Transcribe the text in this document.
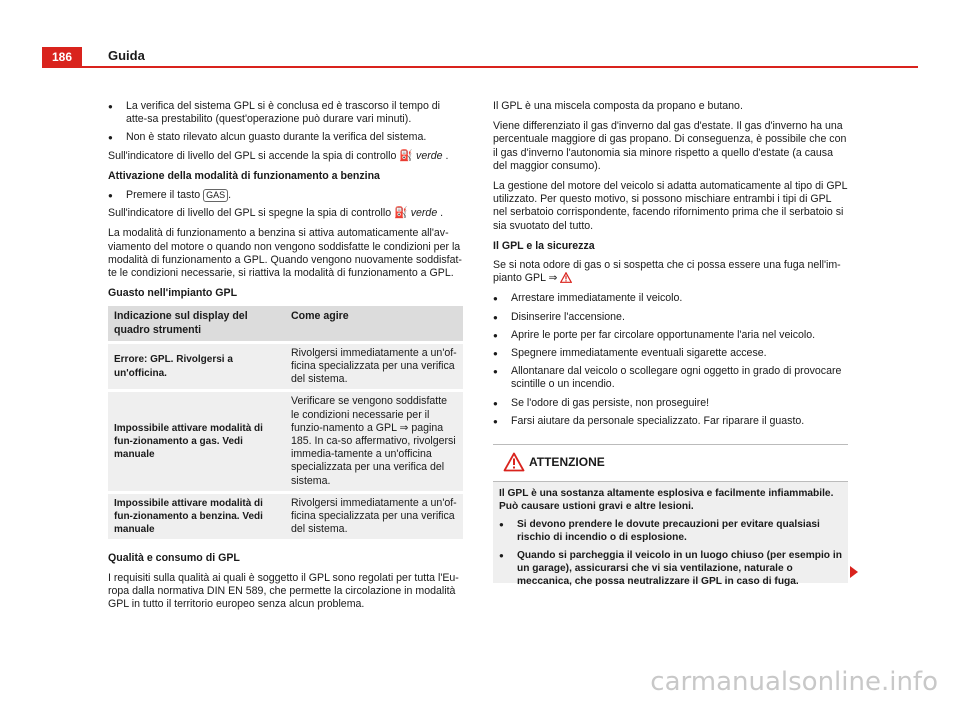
186	Guida
● La verifica del sistema GPL si è conclusa ed è trascorso il tempo di atte-sa prestabilito (quest'operazione può durare vari minuti).
● Non è stato rilevato alcun guasto durante la verifica del sistema.

Sull'indicatore di livello del GPL si accende la spia di controllo ⛽ verde .

Attivazione della modalità di funzionamento a benzina
● Premere il tasto GAS .

Sull'indicatore di livello del GPL si spegne la spia di controllo ⛽ verde .

La modalità di funzionamento a benzina si attiva automaticamente all'av-viamento del motore o quando non vengono soddisfatte le condizioni per la modalità di funzionamento a GPL. Quando vengono nuovamente soddisfat-te le condizioni necessarie, si riattiva la modalità di funzionamento a GPL.

Guasto nell'impianto GPL
Indicazione sul display del quadro strumenti	Come agire
Errore: GPL. Rivolgersi a un'officina.	Rivolgersi immediatamente a un'of-ficina specializzata per una verifica del sistema.
Impossibile attivare modalità di fun-zionamento a gas. Vedi manuale	Verificare se vengono soddisfatte le condizioni necessarie per il funzio-namento a GPL ⇒ pagina 185. In ca-so affermativo, rivolgersi immedia-tamente a un'officina specializzata per una verifica del sistema.
Impossibile attivare modalità di fun-zionamento a benzina. Vedi manuale	Rivolgersi immediatamente a un'of-ficina specializzata per una verifica del sistema.
Qualità e consumo di GPL

I requisiti sulla qualità ai quali è soggetto il GPL sono regolati per tutta l'Eu-ropa dalla normativa DIN EN 589, che permette la circolazione in modalità GPL in tutto il territorio europeo senza alcun problema.

Il GPL è una miscela composta da propano e butano.

Viene differenziato il gas d'inverno dal gas d'estate. Il gas d'inverno ha una percentuale maggiore di gas propano. Di conseguenza, è possibile che con il gas d'inverno l'autonomia sia minore rispetto a quello d'estate (a causa del maggior consumo).

La gestione del motore del veicolo si adatta automaticamente al tipo di GPL utilizzato. Per questo motivo, si possono mischiare entrambi i tipi di GPL nel serbatoio corrispondente, facendo rifornimento prima che il serbatoio si sia svuotato del tutto.

Il GPL e la sicurezza

Se si nota odore di gas o si sospetta che ci possa essere una fuga nell'im-pianto GPL ⇒

● Arrestare immediatamente il veicolo.
● Disinserire l'accensione.
● Aprire le porte per far circolare opportunamente l'aria nel veicolo.
● Spegnere immediatamente eventuali sigarette accese.
● Allontanare dal veicolo o scollegare ogni oggetto in grado di provocare scintille o un incendio.
● Se l'odore di gas persiste, non proseguire!
● Farsi aiutare da personale specializzato. Far riparare il guasto.
ATTENZIONE

Il GPL è una sostanza altamente esplosiva e facilmente infiammabile. Può causare ustioni gravi e altre lesioni.

● Si devono prendere le dovute precauzioni per evitare qualsiasi rischio di incendio o di esplosione.
● Quando si parcheggia il veicolo in un luogo chiuso (per esempio in un garage), assicurarsi che vi sia ventilazione, naturale o meccanica, che possa neutralizzare il GPL in caso di fuga.
carmanualsonline.info
